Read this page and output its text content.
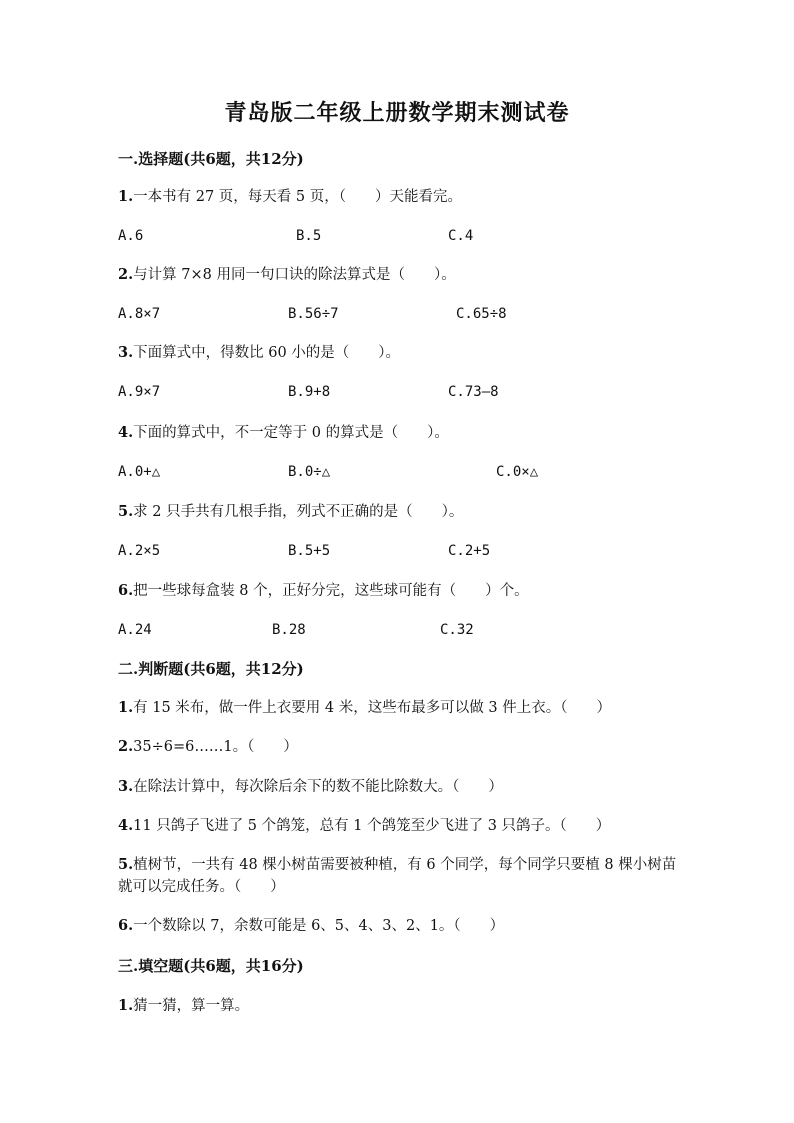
青岛版二年级上册数学期末测试卷
一.选择题(共6题，共12分)
1.一本书有 27 页，每天看 5 页，（　　）天能看完。
A.6	B.5	C.4
2.与计算 7×8 用同一句口诀的除法算式是（　　）。
A.8×7	B.56÷7	C.65÷8
3.下面算式中，得数比 60 小的是（　　）。
A.9×7	B.9+8	C.73—8
4.下面的算式中，不一定等于 0 的算式是（　　）。
A.0+△	B.0÷△	C.0×△
5.求 2 只手共有几根手指，列式不正确的是（　　）。
A.2×5	B.5+5	C.2+5
6.把一些球每盒装 8 个，正好分完，这些球可能有（　　）个。
A.24	B.28	C.32
二.判断题(共6题，共12分)
1.有 15 米布，做一件上衣要用 4 米，这些布最多可以做 3 件上衣。（　　）
2.35÷6=6……1。（　　）
3.在除法计算中，每次除后余下的数不能比除数大。（　　）
4.11 只鸽子飞进了 5 个鸽笼，总有 1 个鸽笼至少飞进了 3 只鸽子。（　　）
5.植树节，一共有 48 棵小树苗需要被种植，有 6 个同学，每个同学只要植 8 棵小树苗就可以完成任务。（　　）
6.一个数除以 7，余数可能是 6、5、4、3、2、1。（　　）
三.填空题(共6题，共16分)
1.猜一猜，算一算。
